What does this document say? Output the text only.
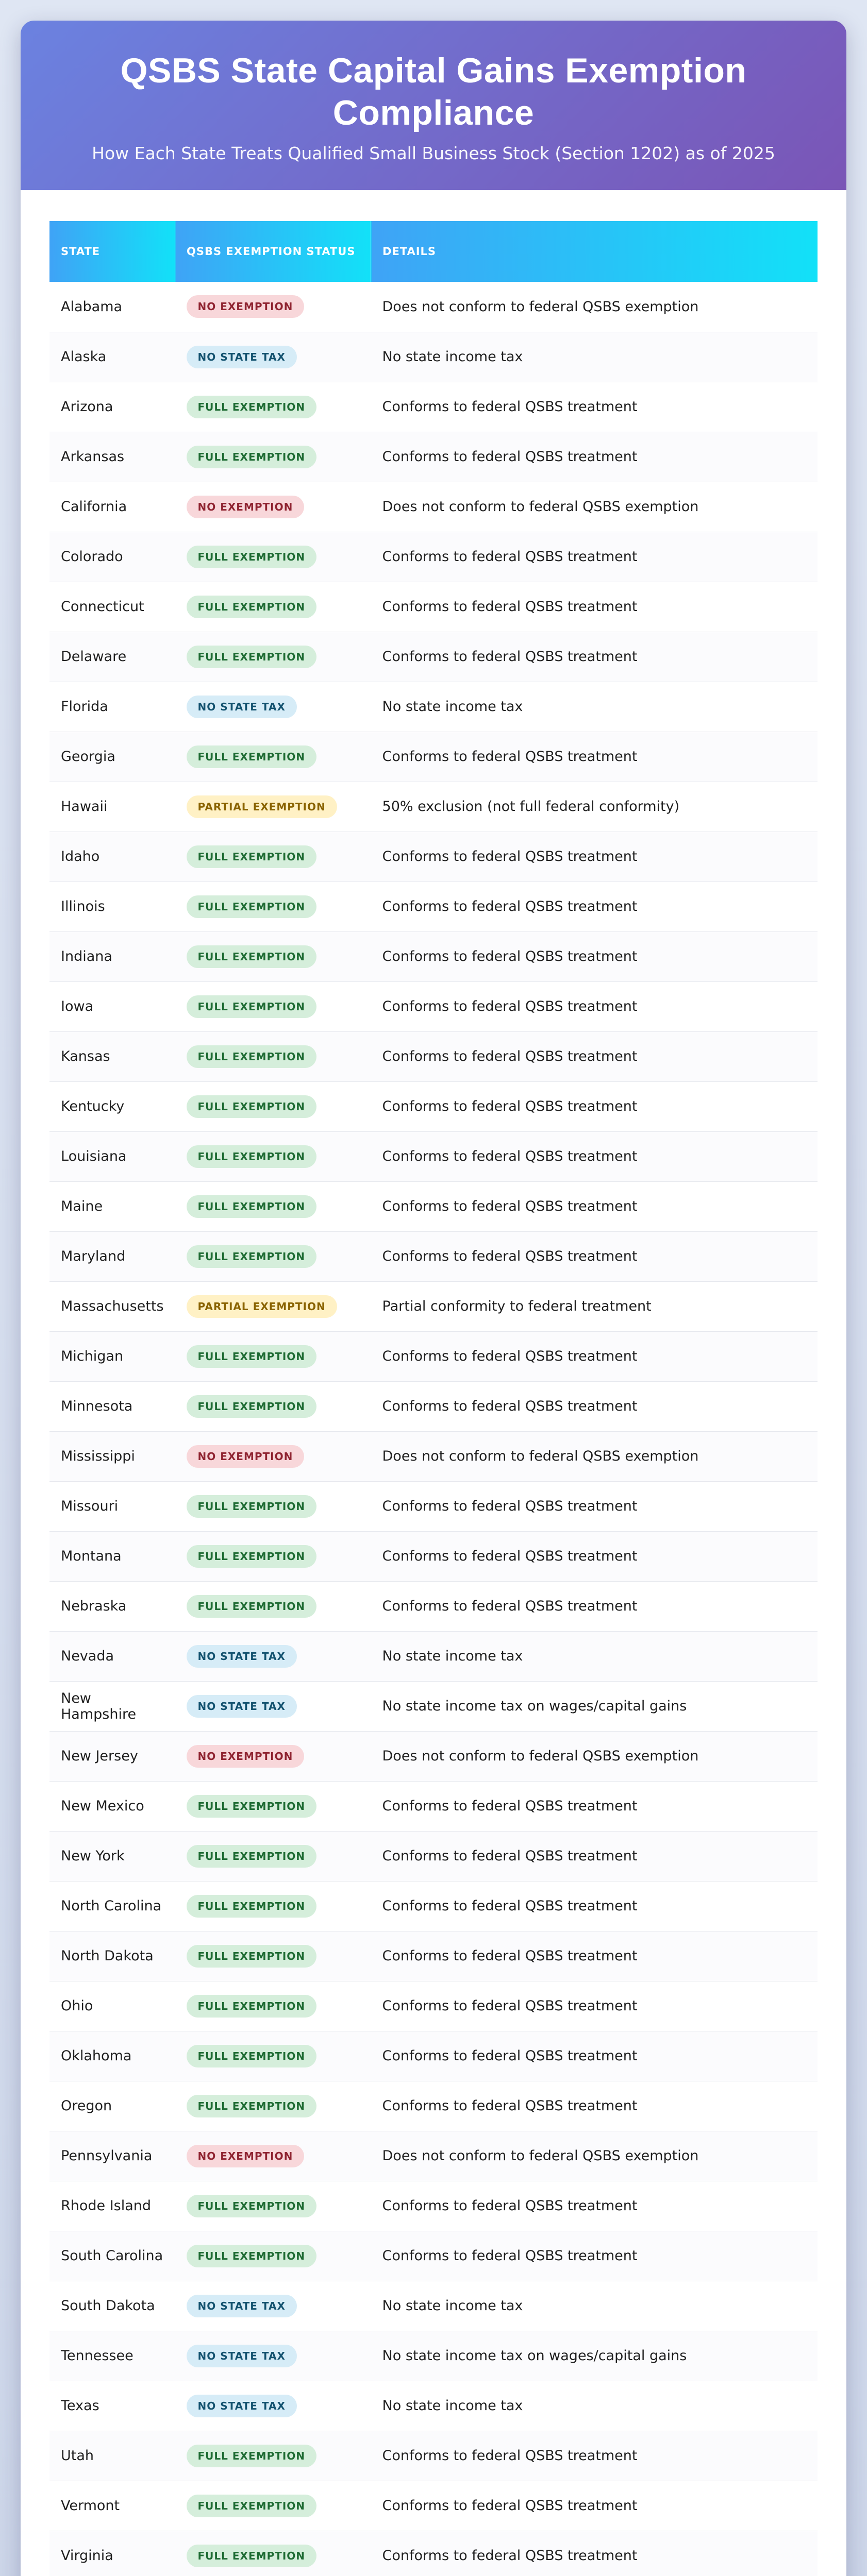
QSBS State Capital Gains Exemption Compliance
How Each State Treats Qualified Small Business Stock (Section 1202) as of 2025
STATE	QSBS EXEMPTION STATUS	DETAILS
Alabama	NO EXEMPTION	Does not conform to federal QSBS exemption
Alaska	NO STATE TAX	No state income tax
Arizona	FULL EXEMPTION	Conforms to federal QSBS treatment
Arkansas	FULL EXEMPTION	Conforms to federal QSBS treatment
California	NO EXEMPTION	Does not conform to federal QSBS exemption
Colorado	FULL EXEMPTION	Conforms to federal QSBS treatment
Connecticut	FULL EXEMPTION	Conforms to federal QSBS treatment
Delaware	FULL EXEMPTION	Conforms to federal QSBS treatment
Florida	NO STATE TAX	No state income tax
Georgia	FULL EXEMPTION	Conforms to federal QSBS treatment
Hawaii	PARTIAL EXEMPTION	50% exclusion (not full federal conformity)
Idaho	FULL EXEMPTION	Conforms to federal QSBS treatment
Illinois	FULL EXEMPTION	Conforms to federal QSBS treatment
Indiana	FULL EXEMPTION	Conforms to federal QSBS treatment
Iowa	FULL EXEMPTION	Conforms to federal QSBS treatment
Kansas	FULL EXEMPTION	Conforms to federal QSBS treatment
Kentucky	FULL EXEMPTION	Conforms to federal QSBS treatment
Louisiana	FULL EXEMPTION	Conforms to federal QSBS treatment
Maine	FULL EXEMPTION	Conforms to federal QSBS treatment
Maryland	FULL EXEMPTION	Conforms to federal QSBS treatment
Massachusetts	PARTIAL EXEMPTION	Partial conformity to federal treatment
Michigan	FULL EXEMPTION	Conforms to federal QSBS treatment
Minnesota	FULL EXEMPTION	Conforms to federal QSBS treatment
Mississippi	NO EXEMPTION	Does not conform to federal QSBS exemption
Missouri	FULL EXEMPTION	Conforms to federal QSBS treatment
Montana	FULL EXEMPTION	Conforms to federal QSBS treatment
Nebraska	FULL EXEMPTION	Conforms to federal QSBS treatment
Nevada	NO STATE TAX	No state income tax
New Hampshire	NO STATE TAX	No state income tax on wages/capital gains
New Jersey	NO EXEMPTION	Does not conform to federal QSBS exemption
New Mexico	FULL EXEMPTION	Conforms to federal QSBS treatment
New York	FULL EXEMPTION	Conforms to federal QSBS treatment
North Carolina	FULL EXEMPTION	Conforms to federal QSBS treatment
North Dakota	FULL EXEMPTION	Conforms to federal QSBS treatment
Ohio	FULL EXEMPTION	Conforms to federal QSBS treatment
Oklahoma	FULL EXEMPTION	Conforms to federal QSBS treatment
Oregon	FULL EXEMPTION	Conforms to federal QSBS treatment
Pennsylvania	NO EXEMPTION	Does not conform to federal QSBS exemption
Rhode Island	FULL EXEMPTION	Conforms to federal QSBS treatment
South Carolina	FULL EXEMPTION	Conforms to federal QSBS treatment
South Dakota	NO STATE TAX	No state income tax
Tennessee	NO STATE TAX	No state income tax on wages/capital gains
Texas	NO STATE TAX	No state income tax
Utah	FULL EXEMPTION	Conforms to federal QSBS treatment
Vermont	FULL EXEMPTION	Conforms to federal QSBS treatment
Virginia	FULL EXEMPTION	Conforms to federal QSBS treatment
